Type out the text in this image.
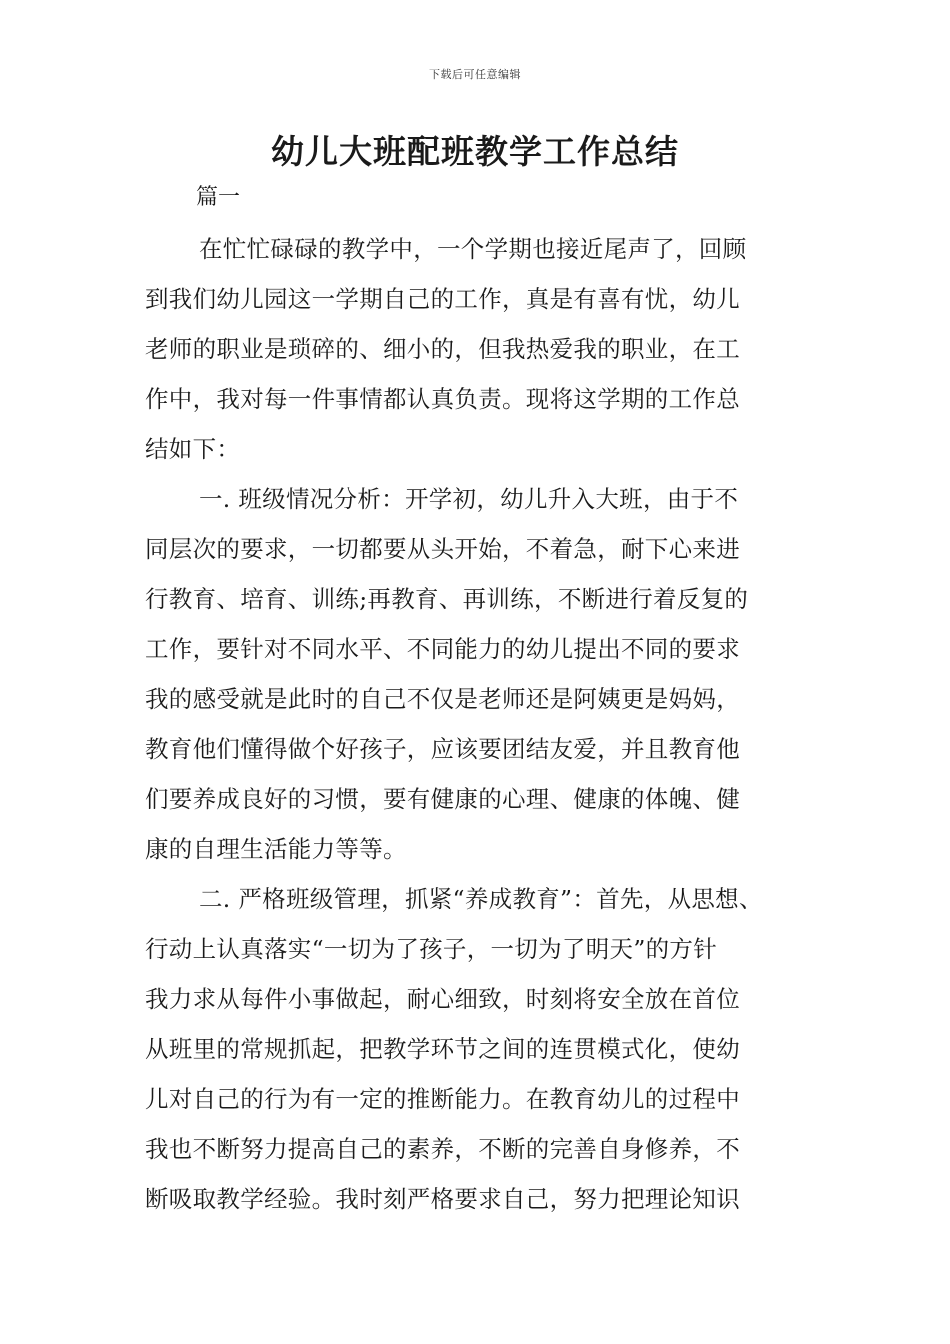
下载后可任意编辑
幼儿大班配班教学工作总结

篇一

在忙忙碌碌的教学中，一个学期也接近尾声了，回顾
到我们幼儿园这一学期自己的工作，真是有喜有忧，幼儿
老师的职业是琐碎的、细小的，但我热爱我的职业，在工
作中，我对每一件事情都认真负责。现将这学期的工作总
结如下：
一. 班级情况分析：开学初，幼儿升入大班，由于不
同层次的要求，一切都要从头开始，不着急，耐下心来进
行教育、培育、训练;再教育、再训练，不断进行着反复的
工作，要针对不同水平、不同能力的幼儿提出不同的要求
我的感受就是此时的自己不仅是老师还是阿姨更是妈妈，
教育他们懂得做个好孩子，应该要团结友爱，并且教育他
们要养成良好的习惯，要有健康的心理、健康的体魄、健
康的自理生活能力等等。
二. 严格班级管理，抓紧“养成教育”：首先，从思想、
行动上认真落实“一切为了孩子，一切为了明天”的方针
我力求从每件小事做起，耐心细致，时刻将安全放在首位
从班里的常规抓起，把教学环节之间的连贯模式化，使幼
儿对自己的行为有一定的推断能力。在教育幼儿的过程中
我也不断努力提高自己的素养，不断的完善自身修养，不
断吸取教学经验。我时刻严格要求自己，努力把理论知识
